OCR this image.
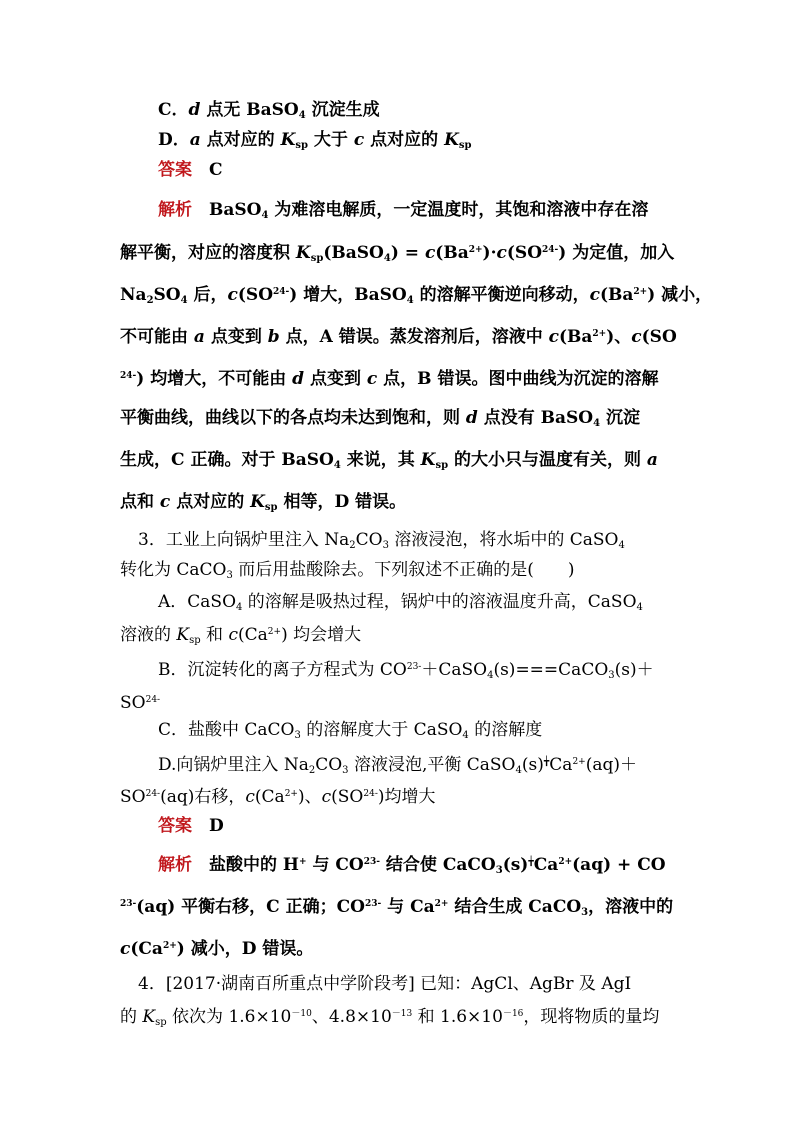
C．d 点无 BaSO$_4$ 沉淀生成
D．a 点对应的 $K_{sp}$ 大于 c 点对应的 $K_{sp}$
答案　C
解析　BaSO$_4$ 为难溶电解质，一定温度时，其饱和溶液中存在溶
解平衡，对应的溶度积 $K_{sp}(BaSO_4) = c(Ba^{2+})\cdot c(SO^{24-})$ 为定值，加入
$Na_2SO_4$ 后，$c(SO^{24-})$ 增大，BaSO$_4$ 的溶解平衡逆向移动，$c(Ba^{2+})$ 减小，
不可能由 a 点变到 b 点，A 错误。蒸发溶剂后，溶液中 $c(Ba^{2+})$、c(SO
$^{24-}$) 均增大，不可能由 d 点变到 c 点，B 错误。图中曲线为沉淀的溶解
平衡曲线，曲线以下的各点均未达到饱和，则 d 点没有 BaSO$_4$ 沉淀
生成，C 正确。对于 BaSO$_4$ 来说，其 $K_{sp}$ 的大小只与温度有关，则 a
点和 c 点对应的 $K_{sp}$ 相等，D 错误。
3．工业上向锅炉里注入 $Na_2CO_3$ 溶液浸泡，将水垢中的 CaSO$_4$
转化为 CaCO$_3$ 而后用盐酸除去。下列叙述不正确的是(　　)
A．CaSO$_4$ 的溶解是吸热过程，锅炉中的溶液温度升高，CaSO$_4$
溶液的 $K_{sp}$ 和 $c(Ca^{2+})$ 均会增大
B．沉淀转化的离子方程式为 $CO^{23-}+CaSO_4(s)===CaCO_3(s)+$
$SO^{24-}$
C．盐酸中 CaCO$_3$ 的溶解度大于 CaSO$_4$ 的溶解度
D.向锅炉里注入 $Na_2CO_3$ 溶液浸泡,平衡 $CaSO_4(s)^╈Ca^{2+}(aq)+$
$SO^{24-}(aq)$右移，$c(Ca^{2+})$、$c(SO^{24-})$均增大
答案　D
解析　盐酸中的 H+ 与 $CO^{23-}$ 结合使 $CaCO_3(s)^╈Ca^{2+}(aq)$ + CO
$^{23-}$(aq) 平衡右移，C 正确；$CO^{23-}$ 与 $Ca^{2+}$ 结合生成 CaCO$_3$，溶液中的
$c(Ca^{2+})$ 减小，D 错误。
4．[2017·湖南百所重点中学阶段考] 已知：AgCl、AgBr 及 AgI
的 $K_{sp}$ 依次为 $1.6\times 10^{-10}$、$4.8\times 10^{-13}$ 和 $1.6\times 10^{-16}$，现将物质的量均
